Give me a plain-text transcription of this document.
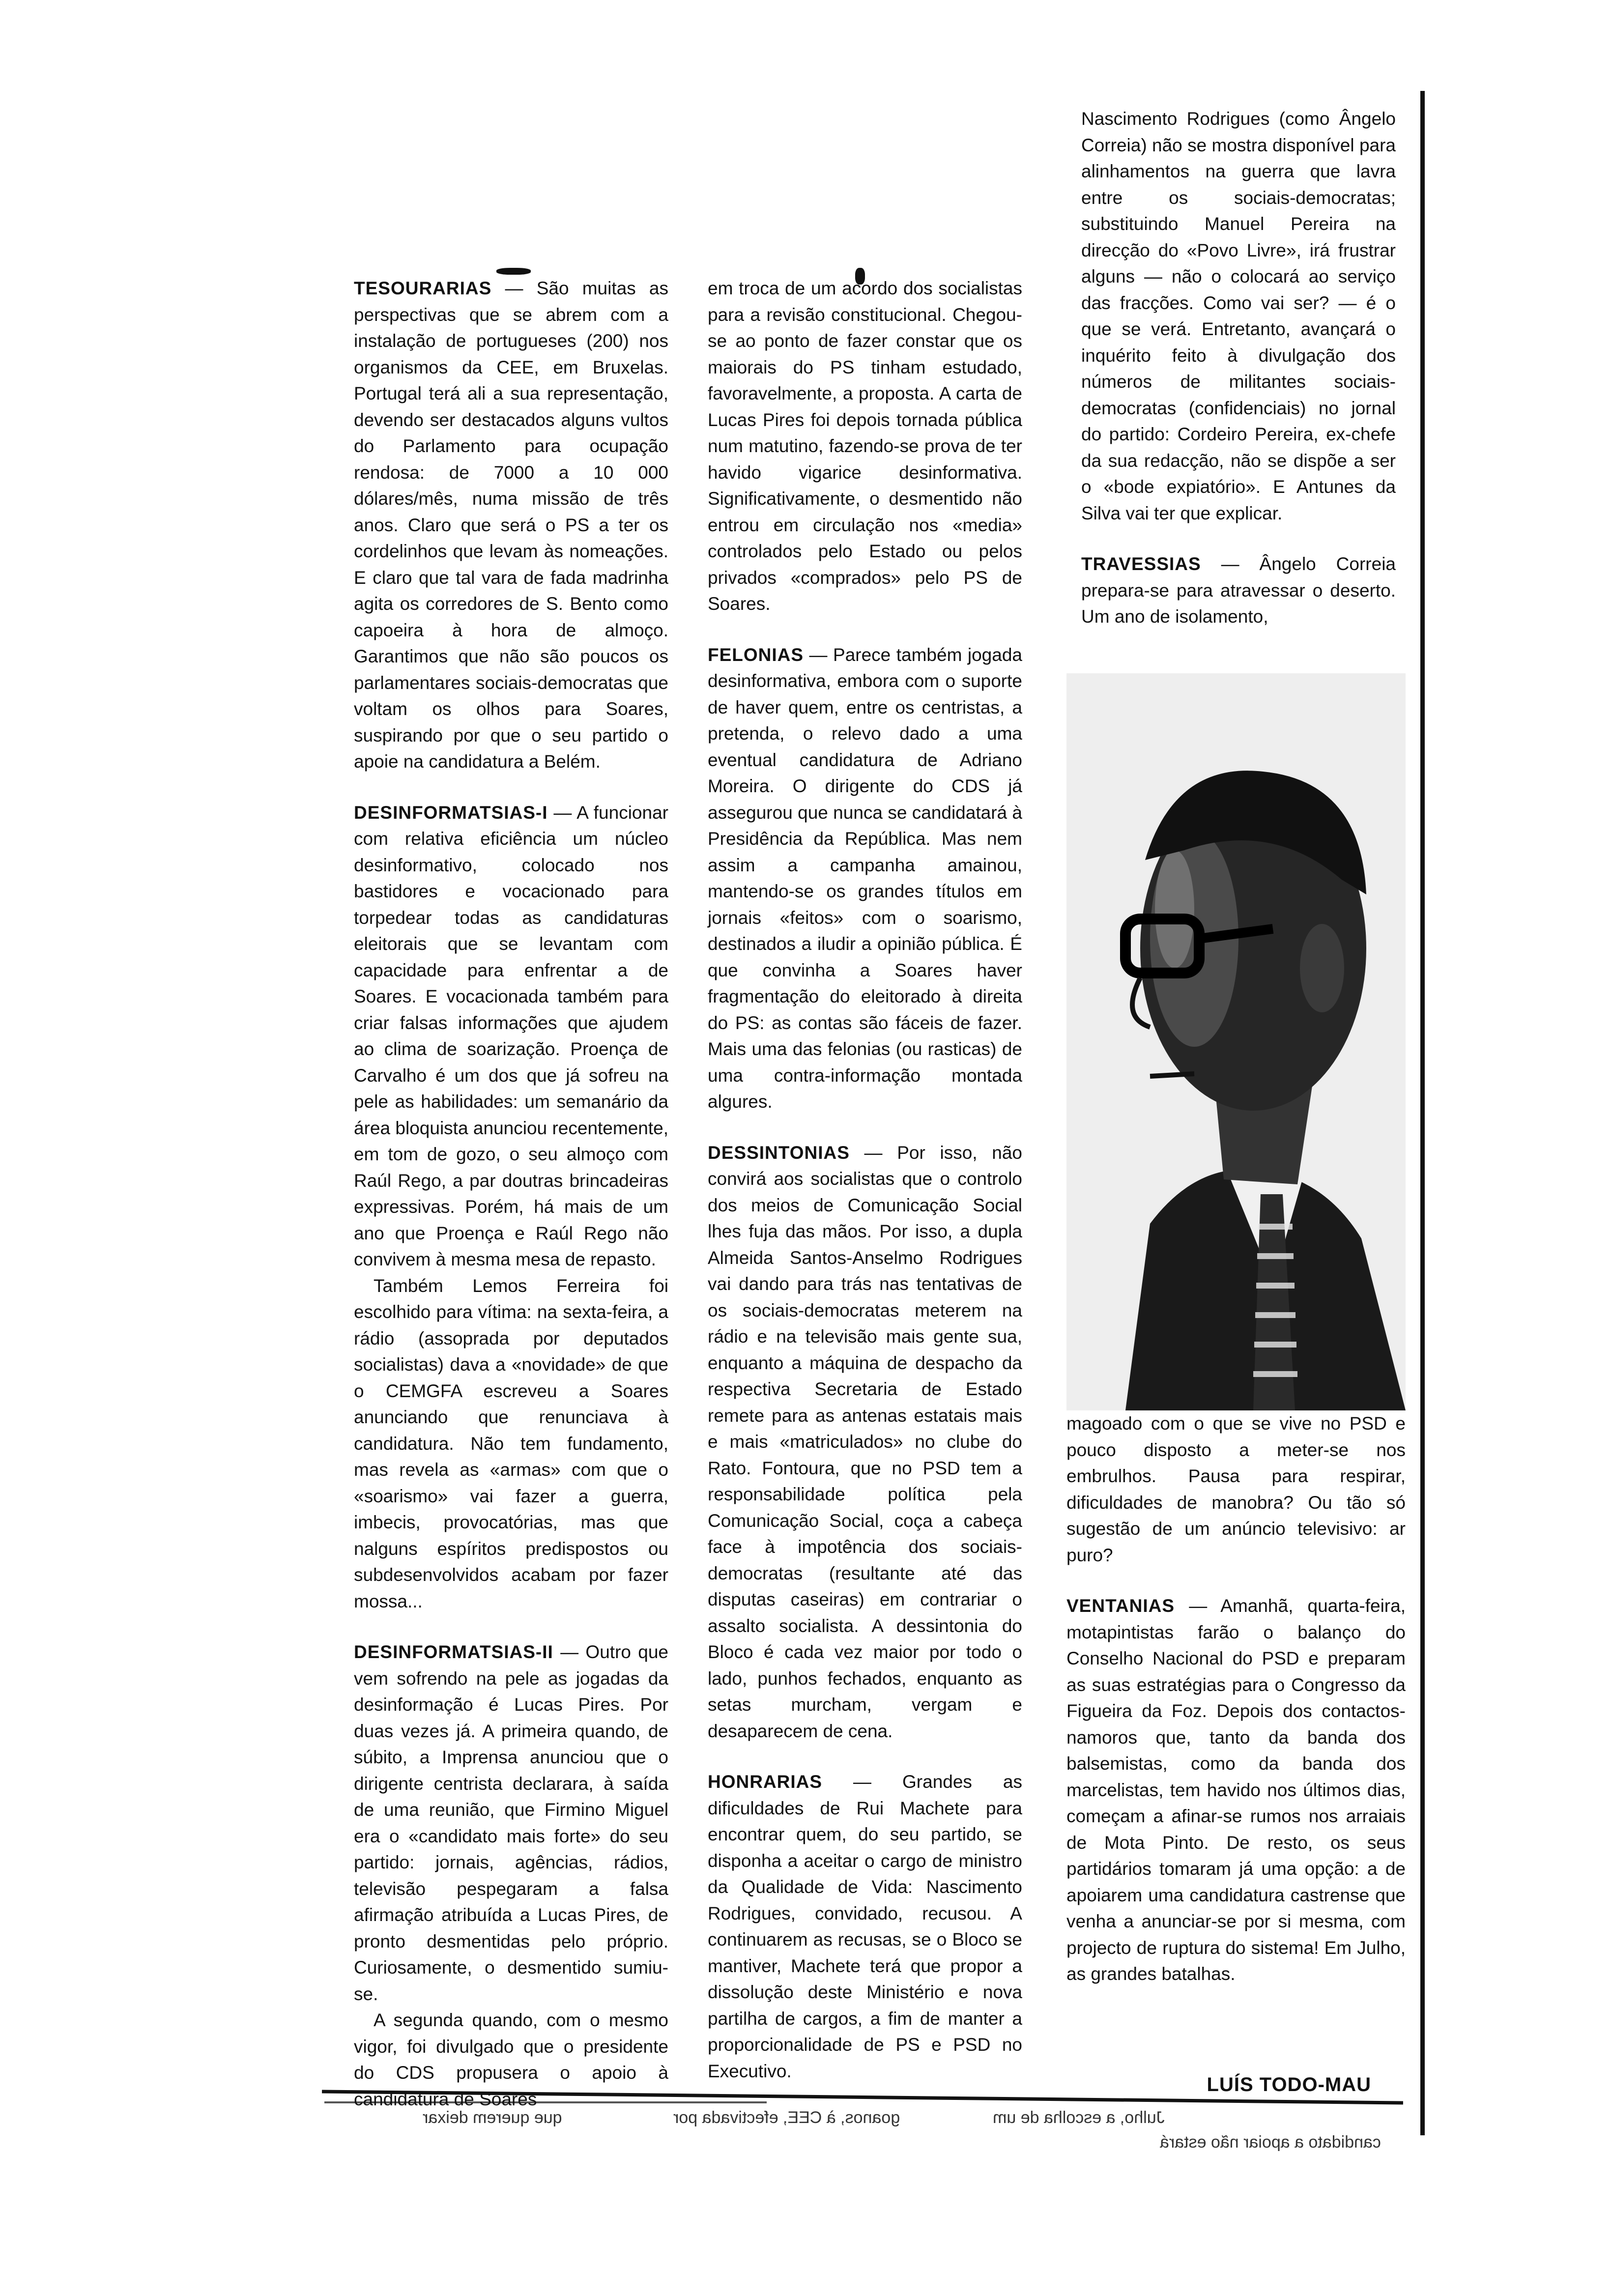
TESOURARIAS — São muitas as perspectivas que se abrem com a instalação de portugueses (200) nos organismos da CEE, em Bruxelas. Portugal terá ali a sua representação, devendo ser destacados alguns vultos do Parlamento para ocupação rendosa: de 7000 a 10 000 dólares/mês, numa missão de três anos. Claro que será o PS a ter os cordelinhos que levam às nomeações. E claro que tal vara de fada madrinha agita os corredores de S. Bento como capoeira à hora de almoço. Garantimos que não são poucos os parlamentares sociais-democratas que voltam os olhos para Soares, suspirando por que o seu partido o apoie na candidatura a Belém.

DESINFORMATSIAS-I — A funcionar com relativa eficiência um núcleo desinformativo, colocado nos bastidores e vocacionado para torpedear todas as candidaturas eleitorais que se levantam com capacidade para enfrentar a de Soares. E vocacionada também para criar falsas informações que ajudem ao clima de soarização. Proença de Carvalho é um dos que já sofreu na pele as habilidades: um semanário da área bloquista anunciou recentemente, em tom de gozo, o seu almoço com Raúl Rego, a par doutras brincadeiras expressivas. Porém, há mais de um ano que Proença e Raúl Rego não convivem à mesma mesa de repasto.

Também Lemos Ferreira foi escolhido para vítima: na sexta-feira, a rádio (assoprada por deputados socialistas) dava a «novidade» de que o CEMGFA escreveu a Soares anunciando que renunciava à candidatura. Não tem fundamento, mas revela as «armas» com que o «soarismo» vai fazer a guerra, imbecis, provocatórias, mas que nalguns espíritos predispostos ou subdesenvolvidos acabam por fazer mossa...

DESINFORMATSIAS-II — Outro que vem sofrendo na pele as jogadas da desinformação é Lucas Pires. Por duas vezes já. A primeira quando, de súbito, a Imprensa anunciou que o dirigente centrista declarara, à saída de uma reunião, que Firmino Miguel era o «candidato mais forte» do seu partido: jornais, agências, rádios, televisão pespegaram a falsa afirmação atribuída a Lucas Pires, de pronto desmentidas pelo próprio. Curiosamente, o desmentido sumiu-se.

A segunda quando, com o mesmo vigor, foi divulgado que o presidente do CDS propusera o apoio à candidatura de Soares

em troca de um acordo dos socialistas para a revisão constitucional. Chegou-se ao ponto de fazer constar que os maiorais do PS tinham estudado, favoravelmente, a proposta. A carta de Lucas Pires foi depois tornada pública num matutino, fazendo-se prova de ter havido vigarice desinformativa. Significativamente, o desmentido não entrou em circulação nos «media» controlados pelo Estado ou pelos privados «comprados» pelo PS de Soares.

FELONIAS — Parece também jogada desinformativa, embora com o suporte de haver quem, entre os centristas, a pretenda, o relevo dado a uma eventual candidatura de Adriano Moreira. O dirigente do CDS já assegurou que nunca se candidatará à Presidência da República. Mas nem assim a campanha amainou, mantendo-se os grandes títulos em jornais «feitos» com o soarismo, destinados a iludir a opinião pública. É que convinha a Soares haver fragmentação do eleitorado à direita do PS: as contas são fáceis de fazer. Mais uma das felonias (ou rasticas) de uma contra-informação montada algures.

DESSINTONIAS — Por isso, não convirá aos socialistas que o controlo dos meios de Comunicação Social lhes fuja das mãos. Por isso, a dupla Almeida Santos-Anselmo Rodrigues vai dando para trás nas tentativas de os sociais-democratas meterem na rádio e na televisão mais gente sua, enquanto a máquina de despacho da respectiva Secretaria de Estado remete para as antenas estatais mais e mais «matriculados» no clube do Rato. Fontoura, que no PSD tem a responsabilidade política pela Comunicação Social, coça a cabeça face à impotência dos sociais-democratas (resultante até das disputas caseiras) em contrariar o assalto socialista. A dessintonia do Bloco é cada vez maior por todo o lado, punhos fechados, enquanto as setas murcham, vergam e desaparecem de cena.

HONRARIAS — Grandes as dificuldades de Rui Machete para encontrar quem, do seu partido, se disponha a aceitar o cargo de ministro da Qualidade de Vida: Nascimento Rodrigues, convidado, recusou. A continuarem as recusas, se o Bloco se mantiver, Machete terá que propor a dissolução deste Ministério e nova partilha de cargos, a fim de manter a proporcionalidade de PS e PSD no Executivo.

Nascimento Rodrigues (como Ângelo Correia) não se mostra disponível para alinhamentos na guerra que lavra entre os sociais-democratas; substituindo Manuel Pereira na direcção do «Povo Livre», irá frustrar alguns — não o colocará ao serviço das fracções. Como vai ser? — é o que se verá. Entretanto, avançará o inquérito feito à divulgação dos números de militantes sociais-democratas (confidenciais) no jornal do partido: Cordeiro Pereira, ex-chefe da sua redacção, não se dispõe a ser o «bode expiatório». E Antunes da Silva vai ter que explicar.

TRAVESSIAS — Ângelo Correia prepara-se para atravessar o deserto. Um ano de isolamento,

magoado com o que se vive no PSD e pouco disposto a meter-se nos embrulhos. Pausa para respirar, dificuldades de manobra? Ou tão só sugestão de um anúncio televisivo: ar puro?

VENTANIAS — Amanhã, quarta-feira, motapintistas farão o balanço do Conselho Nacional do PSD e preparam as suas estratégias para o Congresso da Figueira da Foz. Depois dos contactos-namoros que, tanto da banda dos balsemistas, como da banda dos marcelistas, tem havido nos últimos dias, começam a afinar-se rumos nos arraiais de Mota Pinto. De resto, os seus partidários tomaram já uma opção: a de apoiarem uma candidatura castrense que venha a anunciar-se por si mesma, com projecto de ruptura do sistema! Em Julho, as grandes batalhas.

LUÍS TODO-MAU
que querem deixar	goanos, à CEE, efectivada por	Julho, a escolha de um
candidato a apoiar não estará
